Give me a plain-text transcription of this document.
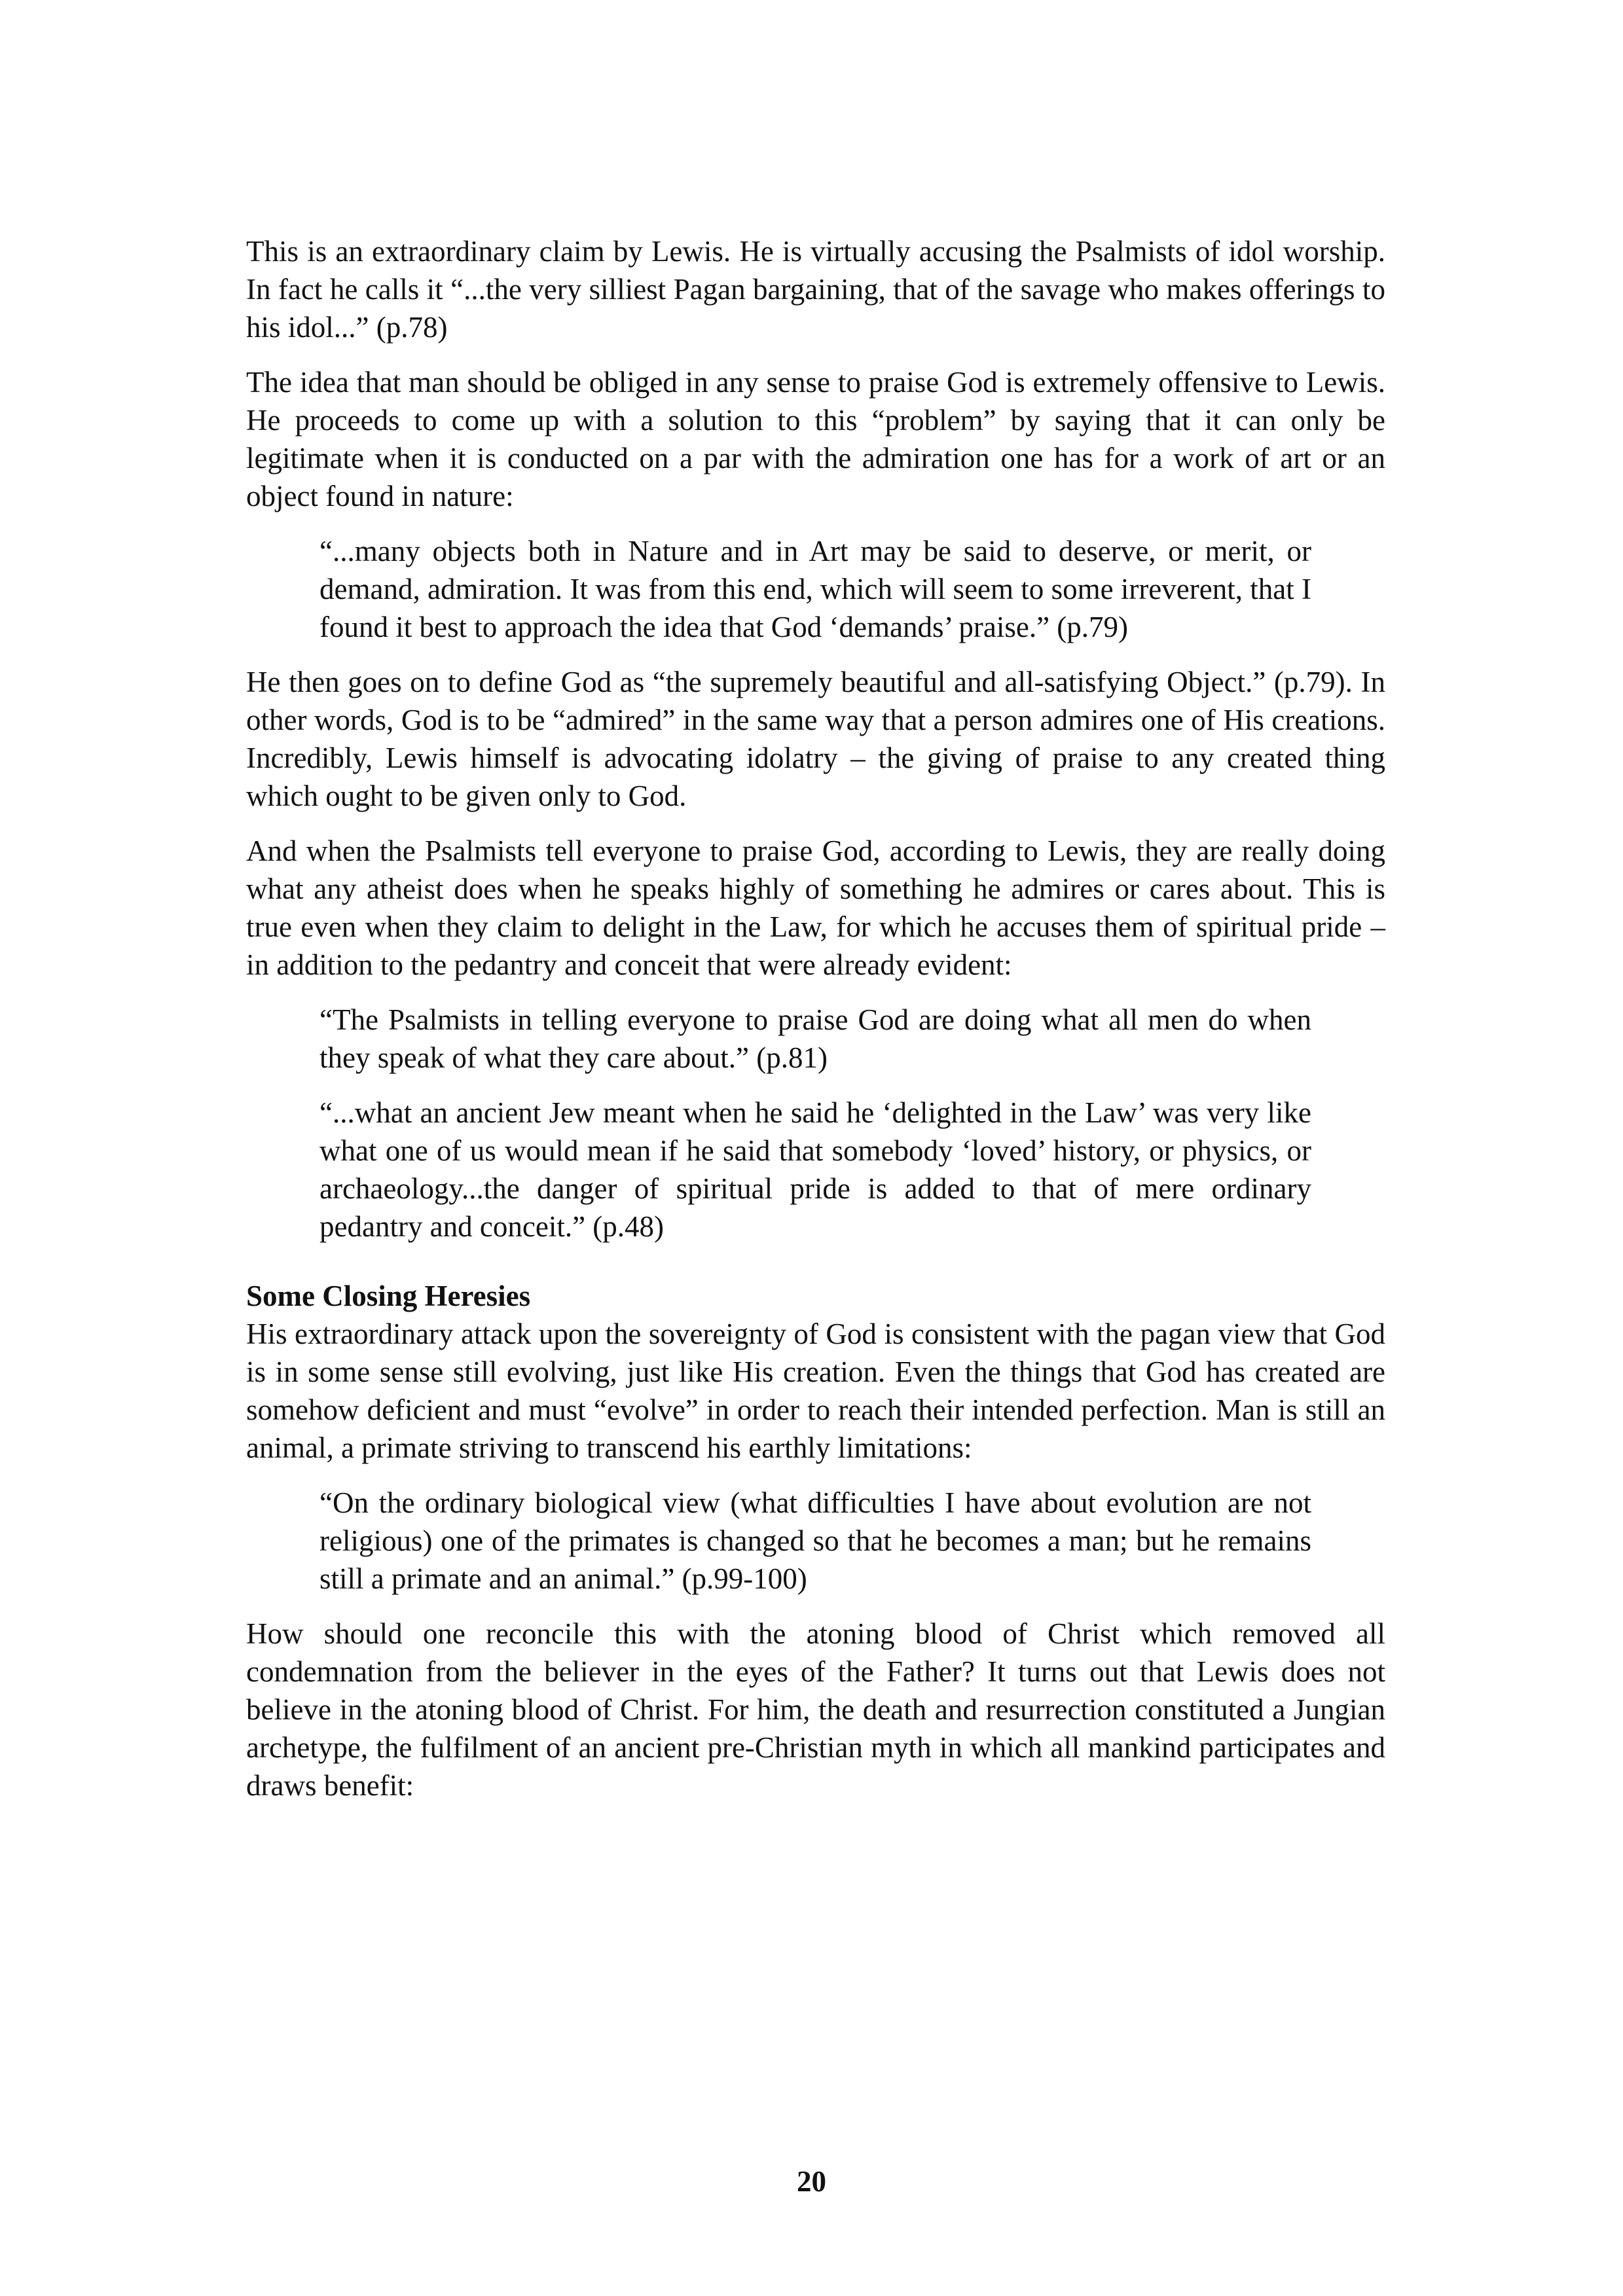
This is an extraordinary claim by Lewis. He is virtually accusing the Psalmists of idol worship. In fact he calls it “...the very silliest Pagan bargaining, that of the savage who makes offerings to his idol...” (p.78)

The idea that man should be obliged in any sense to praise God is extremely offensive to Lewis. He proceeds to come up with a solution to this “problem” by saying that it can only be legitimate when it is conducted on a par with the admiration one has for a work of art or an object found in nature:

“...many objects both in Nature and in Art may be said to deserve, or merit, or demand, admiration. It was from this end, which will seem to some irreverent, that I found it best to approach the idea that God ‘demands’ praise.” (p.79)

He then goes on to define God as “the supremely beautiful and all-satisfying Object.” (p.79). In other words, God is to be “admired” in the same way that a person admires one of His creations. Incredibly, Lewis himself is advocating idolatry – the giving of praise to any created thing which ought to be given only to God.

And when the Psalmists tell everyone to praise God, according to Lewis, they are really doing what any atheist does when he speaks highly of something he admires or cares about. This is true even when they claim to delight in the Law, for which he accuses them of spiritual pride – in addition to the pedantry and conceit that were already evident:

“The Psalmists in telling everyone to praise God are doing what all men do when they speak of what they care about.” (p.81)

“...what an ancient Jew meant when he said he ‘delighted in the Law’ was very like what one of us would mean if he said that somebody ‘loved’ history, or physics, or archaeology...the danger of spiritual pride is added to that of mere ordinary pedantry and conceit.” (p.48)

Some Closing Heresies

His extraordinary attack upon the sovereignty of God is consistent with the pagan view that God is in some sense still evolving, just like His creation. Even the things that God has created are somehow deficient and must “evolve” in order to reach their intended perfection. Man is still an animal, a primate striving to transcend his earthly limitations:

“On the ordinary biological view (what difficulties I have about evolution are not religious) one of the primates is changed so that he becomes a man; but he remains still a primate and an animal.” (p.99-100)

How should one reconcile this with the atoning blood of Christ which removed all condemnation from the believer in the eyes of the Father? It turns out that Lewis does not believe in the atoning blood of Christ. For him, the death and resurrection constituted a Jungian archetype, the fulfilment of an ancient pre-Christian myth in which all mankind participates and draws benefit:

20
